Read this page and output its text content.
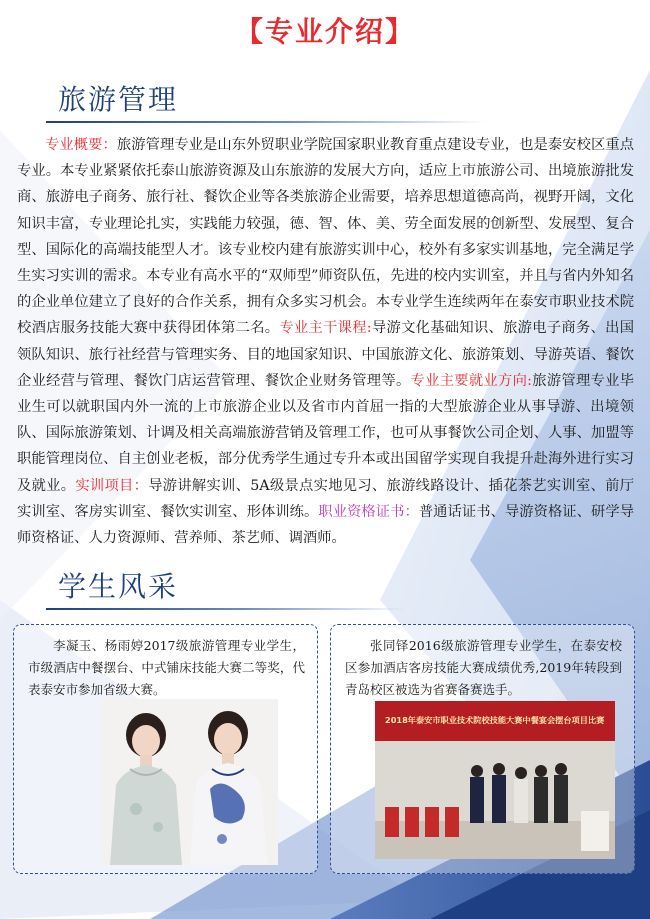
【专业介绍】
旅游管理
专业概要：旅游管理专业是山东外贸职业学院国家职业教育重点建设专业，也是泰安校区重点专业。本专业紧紧依托泰山旅游资源及山东旅游的发展大方向，适应上市旅游公司、出境旅游批发商、旅游电子商务、旅行社、餐饮企业等各类旅游企业需要，培养思想道德高尚，视野开阔，文化知识丰富，专业理论扎实，实践能力较强，德、智、体、美、劳全面发展的创新型、发展型、复合型、国际化的高端技能型人才。该专业校内建有旅游实训中心，校外有多家实训基地，完全满足学生实习实训的需求。本专业有高水平的“双师型”师资队伍，先进的校内实训室，并且与省内外知名的企业单位建立了良好的合作关系，拥有众多实习机会。本专业学生连续两年在泰安市职业技术院校酒店服务技能大赛中获得团体第二名。专业主干课程:导游文化基础知识、旅游电子商务、出国领队知识、旅行社经营与管理实务、目的地国家知识、中国旅游文化、旅游策划、导游英语、餐饮企业经营与管理、餐饮门店运营管理、餐饮企业财务管理等。专业主要就业方向:旅游管理专业毕业生可以就职国内外一流的上市旅游企业以及省市内首屈一指的大型旅游企业从事导游、出境领队、国际旅游策划、计调及相关高端旅游营销及管理工作，也可从事餐饮公司企划、人事、加盟等职能管理岗位、自主创业老板，部分优秀学生通过专升本或出国留学实现自我提升赴海外进行实习及就业。实训项目：导游讲解实训、5A级景点实地见习、旅游线路设计、插花茶艺实训室、前厅实训室、客房实训室、餐饮实训室、形体训练。职业资格证书：普通话证书、导游资格证、研学导师资格证、人力资源师、营养师、茶艺师、调酒师。
学生风采
李凝玉、杨雨婷2017级旅游管理专业学生，市级酒店中餐摆台、中式铺床技能大赛二等奖，代表泰安市参加省级大赛。
张同铎2016级旅游管理专业学生，在泰安校区参加酒店客房技能大赛成绩优秀,2019年转段到青岛校区被选为省赛备赛选手。
2018年泰安市职业技术院校技能大赛中餐宴会摆台项目比赛
